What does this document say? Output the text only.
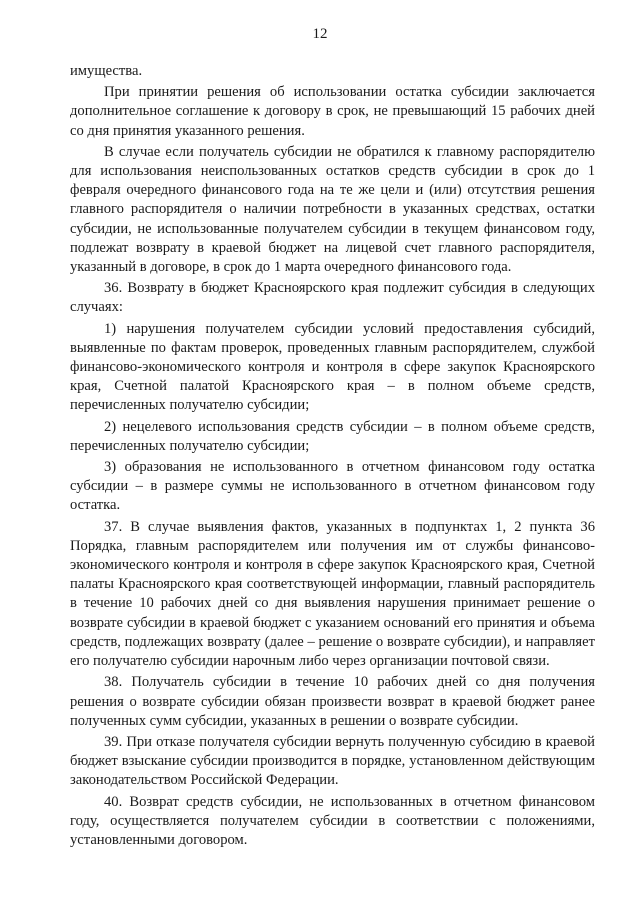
12

имущества.

При принятии решения об использовании остатка субсидии заключается дополнительное соглашение к договору в срок, не превышающий 15 рабочих дней со дня принятия указанного решения.

В случае если получатель субсидии не обратился к главному распорядителю для использования неиспользованных остатков средств субсидии в срок до 1 февраля очередного финансового года на те же цели и (или) отсутствия решения главного распорядителя о наличии потребности в указанных средствах, остатки субсидии, не использованные получателем субсидии в текущем финансовом году, подлежат возврату в краевой бюджет на лицевой счет главного распорядителя, указанный в договоре, в срок до 1 марта очередного финансового года.

36. Возврату в бюджет Красноярского края подлежит субсидия в следующих случаях:

1) нарушения получателем субсидии условий предоставления субсидий, выявленные по фактам проверок, проведенных главным распорядителем, службой финансово-экономического контроля и контроля в сфере закупок Красноярского края, Счетной палатой Красноярского края – в полном объеме средств, перечисленных получателю субсидии;

2) нецелевого использования средств субсидии – в полном объеме средств, перечисленных получателю субсидии;

3) образования не использованного в отчетном финансовом году остатка субсидии – в размере суммы не использованного в отчетном финансовом году остатка.

37. В случае выявления фактов, указанных в подпунктах 1, 2 пункта 36 Порядка, главным распорядителем или получения им от службы финансово-экономического контроля и контроля в сфере закупок Красноярского края, Счетной палаты Красноярского края соответствующей информации, главный распорядитель в течение 10 рабочих дней со дня выявления нарушения принимает решение о возврате субсидии в краевой бюджет с указанием оснований его принятия и объема средств, подлежащих возврату (далее – решение о возврате субсидии), и направляет его получателю субсидии нарочным либо через организации почтовой связи.

38. Получатель субсидии в течение 10 рабочих дней со дня получения решения о возврате субсидии обязан произвести возврат в краевой бюджет ранее полученных сумм субсидии, указанных в решении о возврате субсидии.

39. При отказе получателя субсидии вернуть полученную субсидию в краевой бюджет взыскание субсидии производится в порядке, установленном действующим законодательством Российской Федерации.

40. Возврат средств субсидии, не использованных в отчетном финансовом году, осуществляется получателем субсидии в соответствии с положениями, установленными договором.
